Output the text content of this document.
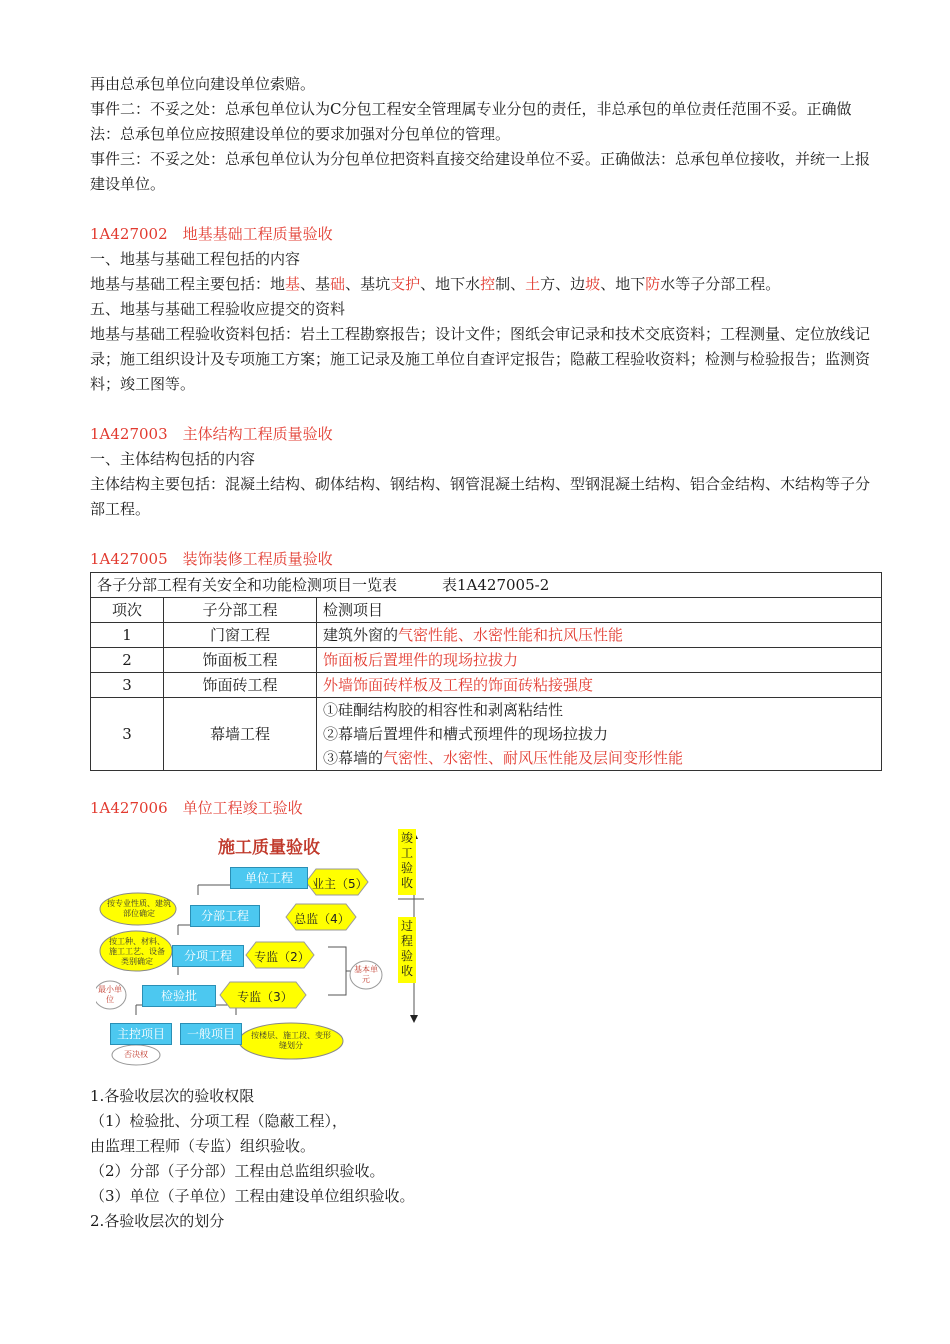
再由总承包单位向建设单位索赔。

事件二：不妥之处：总承包单位认为C分包工程安全管理属专业分包的责任，非总承包的单位责任范围不妥。正确做法：总承包单位应按照建设单位的要求加强对分包单位的管理。

事件三：不妥之处：总承包单位认为分包单位把资料直接交给建设单位不妥。正确做法：总承包单位接收，并统一上报建设单位。

1A427002　地基基础工程质量验收

一、地基与基础工程包括的内容

地基与基础工程主要包括：地基、基础、基坑支护、地下水控制、土方、边坡、地下防水等子分部工程。

五、地基与基础工程验收应提交的资料

地基与基础工程验收资料包括：岩土工程勘察报告；设计文件；图纸会审记录和技术交底资料；工程测量、定位放线记录；施工组织设计及专项施工方案；施工记录及施工单位自查评定报告；隐蔽工程验收资料；检测与检验报告；监测资料；竣工图等。

1A427003　主体结构工程质量验收

一、主体结构包括的内容

主体结构主要包括：混凝土结构、砌体结构、钢结构、钢管混凝土结构、型钢混凝土结构、铝合金结构、木结构等子分部工程。

1A427005　装饰装修工程质量验收

各子分部工程有关安全和功能检测项目一览表　　　表1A427005-2		
项次	子分部工程	检测项目
1	门窗工程	建筑外窗的气密性能、水密性能和抗风压性能
2	饰面板工程	饰面板后置埋件的现场拉拔力
3	饰面砖工程	外墙饰面砖样板及工程的饰面砖粘接强度
3	幕墙工程	①硅酮结构胶的相容性和剥离粘结性
②幕墙后置埋件和槽式预埋件的现场拉拔力
③幕墙的气密性、水密性、耐风压性能及层间变形性能

1A427006　单位工程竣工验收

施工质量验收
单位工程
分部工程
分项工程
检验批
主控项目	一般项目
业主（5）
总监（4）
专监（2）
专监（3）
按专业性质、建筑部位确定
按工种、材料、施工工艺、设备类别确定
按楼层、施工段、变形缝划分
最小单位
基本单元
否决权
竣
工
验
收
过
程
验
收

1.各验收层次的验收权限

（1）检验批、分项工程（隐蔽工程），

由监理工程师（专监）组织验收。

（2）分部（子分部）工程由总监组织验收。

（3）单位（子单位）工程由建设单位组织验收。

2.各验收层次的划分
